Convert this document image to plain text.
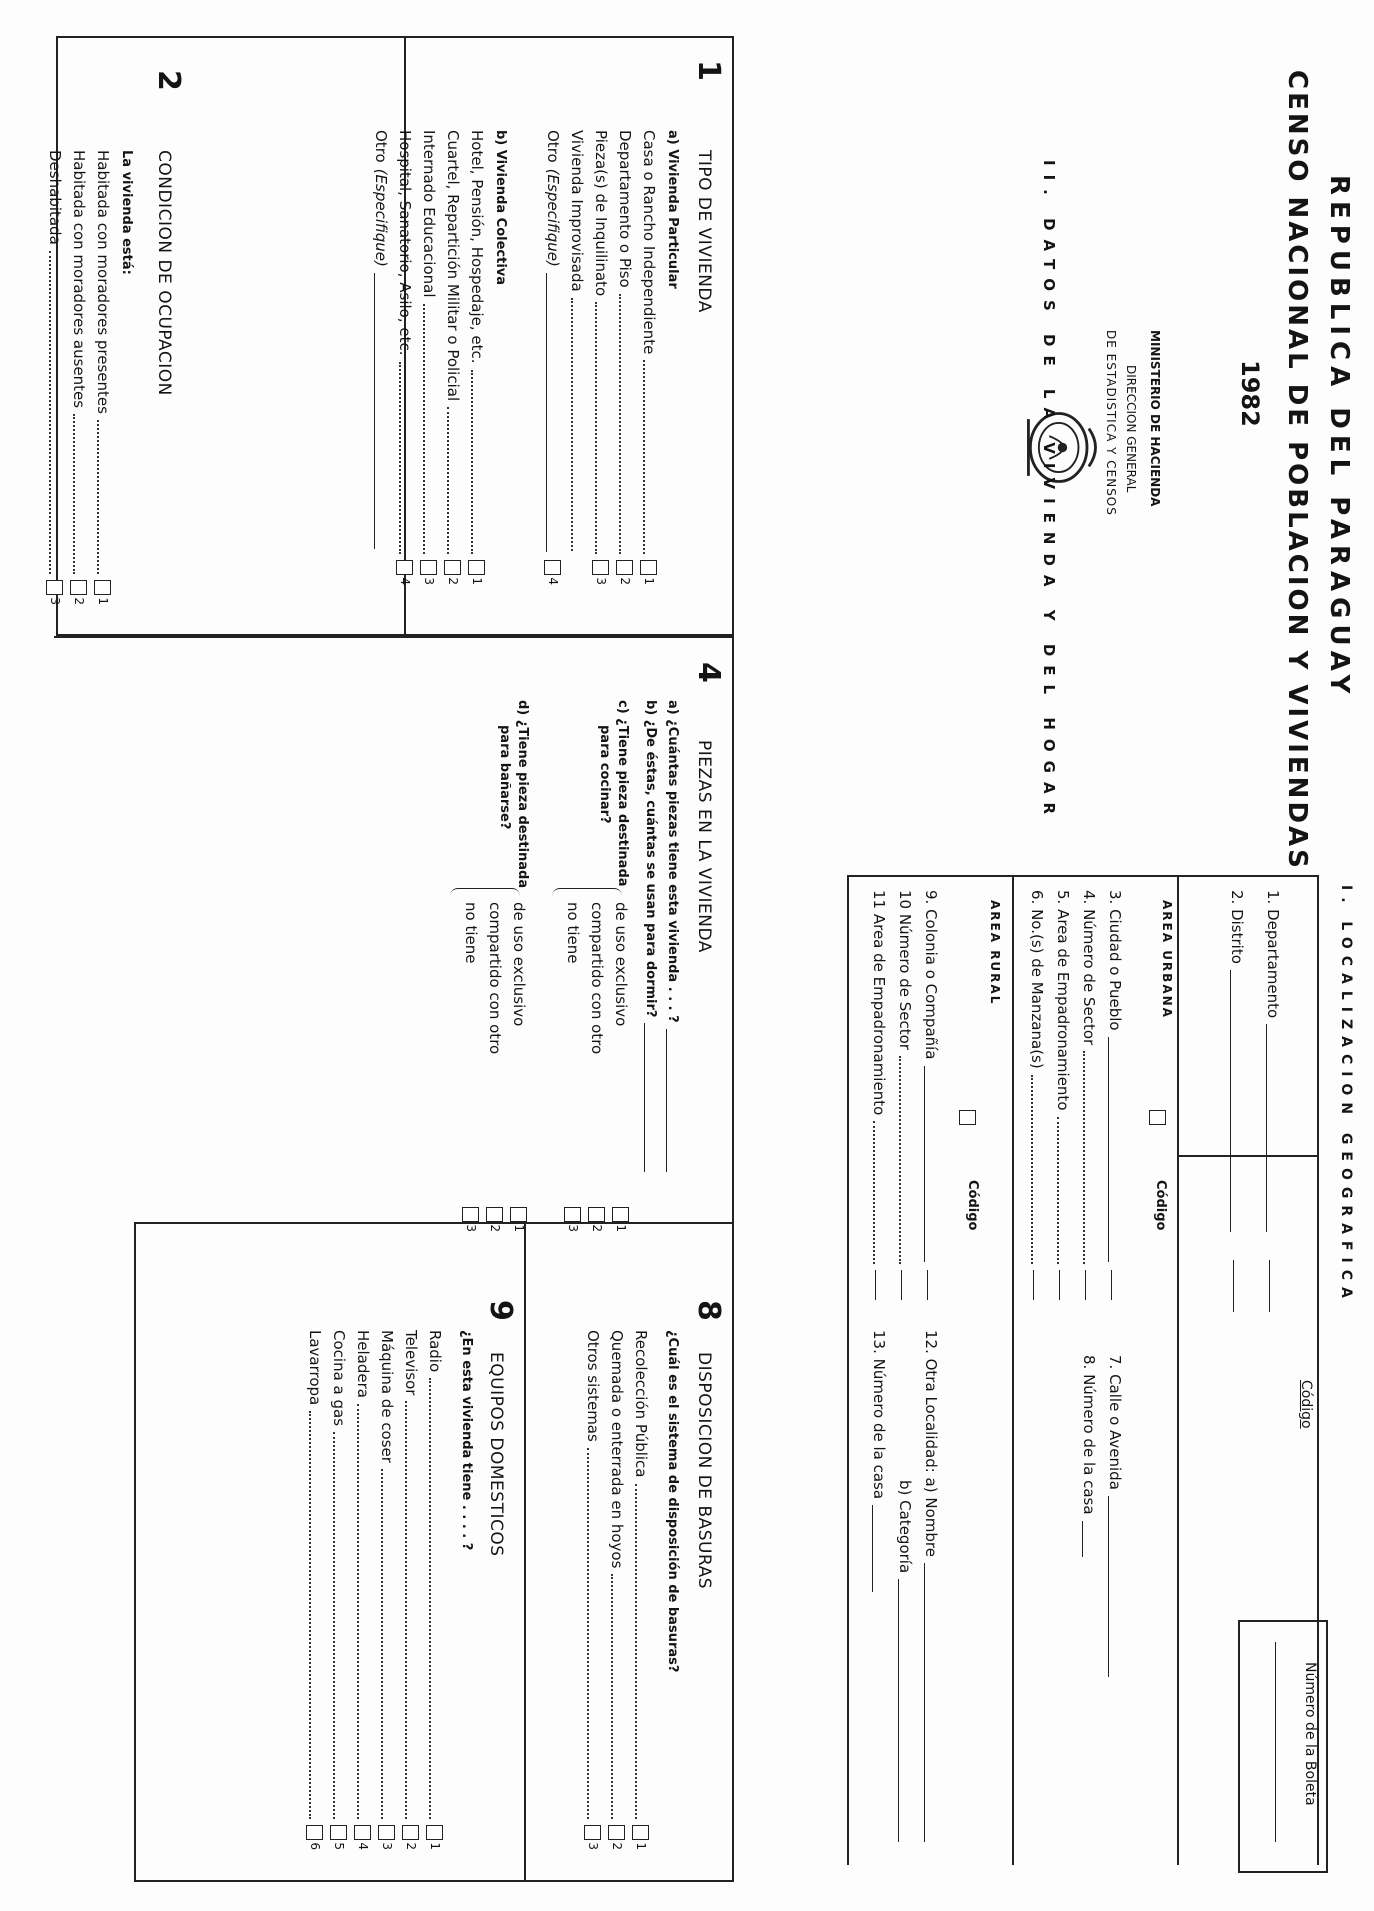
REPUBLICA DEL PARAGUAY
CENSO NACIONAL DE POBLACION Y VIVIENDAS
1982
MINISTERIO DE HACIENDA
DIRECCION GENERAL
DE ESTADISTICA Y CENSOS
II. DATOS DE LA VIVIENDA Y DEL HOGAR
I. LOCALIZACION GEOGRAFICA
Número de la Boleta
Código
1. Departamento
2. Distrito
AREA URBANA
Código
3. Ciudad o Pueblo
7. Calle o Avenida
4. Número de Sector
8. Número de la casa
5. Area de Empadronamiento
6. No.(s) de Manzana(s)
AREA RURAL
Código
9. Colonia o Compañía
12. Otra Localidad: a) Nombre
10 Número de Sector
b) Categoría
11 Area de Empadronamiento
13. Número de la casa
1
TIPO DE VIVIENDA
a) Vivienda Particular
Casa o Rancho Independiente
1
Departamento o Piso
2
Pieza(s) de Inquilinato
3
Vivienda Improvisada
Otro
(Especifique)
4
b) Vivienda Colectiva
Hotel, Pensión, Hospedaje, etc.
1
Cuartel, Repartición Militar o Policial
2
Internado Educacional
3
Hospital, Sanatorio, Asilo, etc.
4
Otro
(Especifique)
2
CONDICION DE OCUPACION
La vivienda está:
Habitada con moradores presentes
1
Habitada con moradores ausentes
2
Deshabitada
3
4
PIEZAS EN LA VIVIENDA
a) ¿Cuántas piezas tiene esta vivienda . . . ?
b) ¿De éstas, cuántas se usan para dormir?
c) ¿Tiene pieza destinada
para cocinar?
de uso exclusivo
1
compartido con otro
2
no tiene
3
d) ¿Tiene pieza destinada
para bañarse?
de uso exclusivo
1
compartido con otro
2
no tiene
3
8
DISPOSICION DE BASURAS
¿Cuál es el sistema de disposición de basuras?
Recolección Pública
1
Quemada o enterrada en hoyos
2
Otros sistemas
3
9
EQUIPOS DOMESTICOS
¿En esta vivienda tiene . . . . ?
Radio
1
Televisor
2
Máquina de coser
3
Heladera
4
Cocina a gas
5
Lavarropa
6
